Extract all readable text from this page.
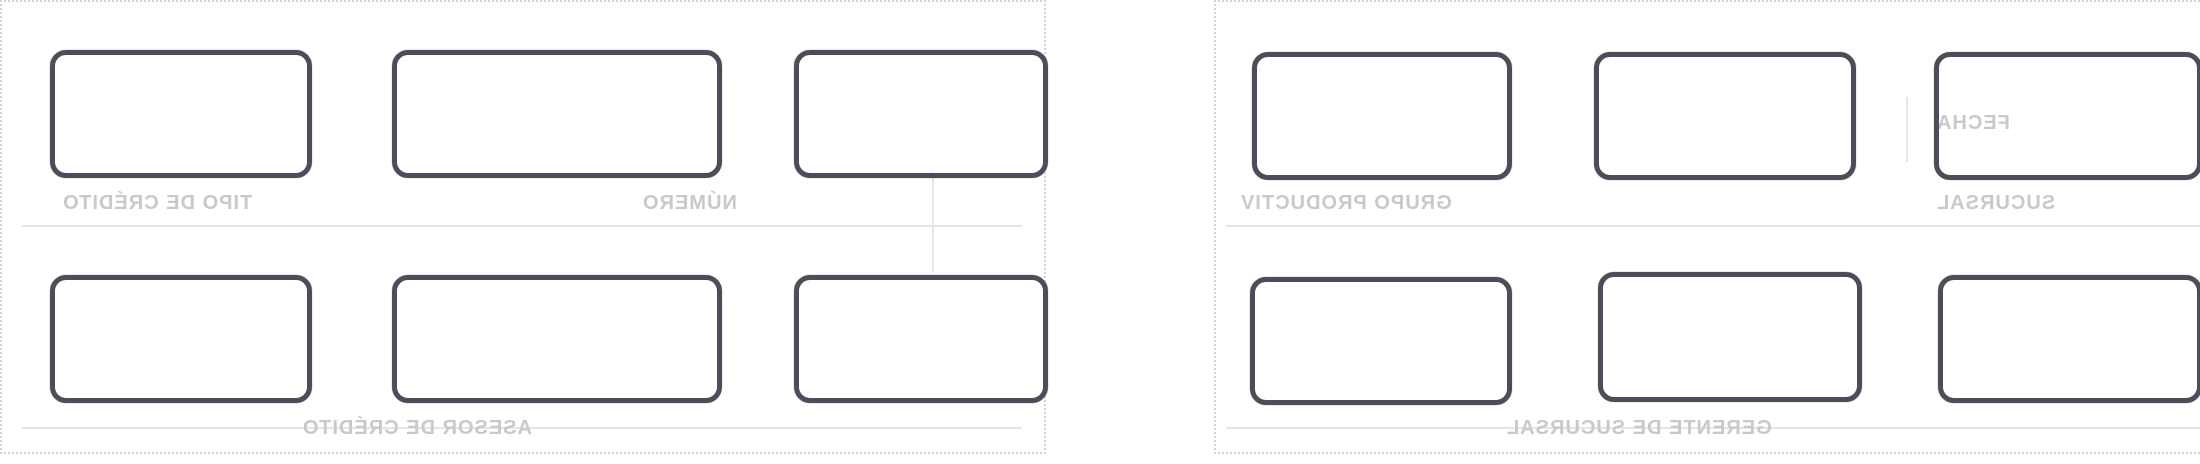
TIPO DE CRÉDITO	NÚMERO
ASESOR DE CRÉDITO
GRUPO PRODUCTIV	SUCURSAL
FECHA
GERENTE DE SUCURSAL
